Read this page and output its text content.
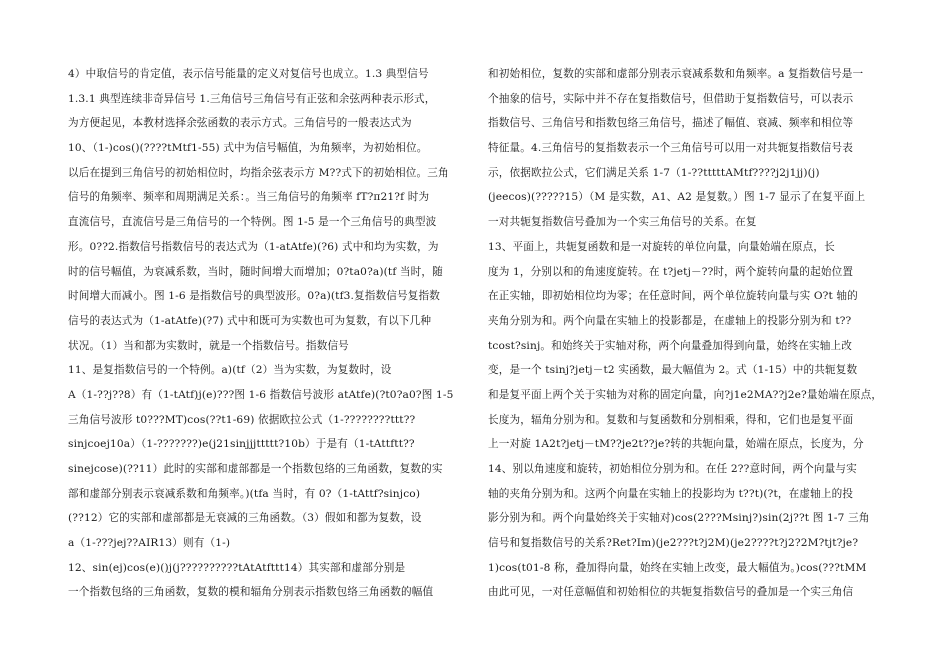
4）中取信号的肯定值，表示信号能量的定义对复信号也成立。1.3 典型信号
1.3.1 典型连续非奇异信号 1.三角信号三角信号有正弦和余弦两种表示形式，
为方便起见，本教材选择余弦函数的表示方式。三角信号的一般表达式为
10、（1-)cos()(????tMtf1-55) 式中为信号幅值，为角频率，为初始相位。
以后在提到三角信号的初始相位时，均指余弦表示方 M??式下的初始相位。三角
信号的角频率、频率和周期满足关系：。当三角信号的角频率 fT?π21?f 时为
直流信号，直流信号是三角信号的一个特例。图 1-5 是一个三角信号的典型波
形。0??2.指数信号指数信号的表达式为（1-atAtfe)(?6) 式中和均为实数，为
时的信号幅值，为衰减系数，当时，随时间增大而增加；0?ta0?a)(tf 当时，随
时间增大而减小。图 1-6 是指数信号的典型波形。0?a)(tf3.复指数信号复指数
信号的表达式为（1-atAtfe)(?7) 式中和既可为实数也可为复数，有以下几种
状况。（1）当和都为实数时，就是一个指数信号。指数信号
11、是复指数信号的一个特例。a)(tf（2）当为实数，为复数时，设
A（1-??j??8）有（1-tAtf)j(e)???图 1-6 指数信号波形 atAtfe)(?t0?a0?图 1-5
三角信号波形 t0???MT)cos(??t1-69) 依据欧拉公式（1-????????ttt??
sinjcoej10a）（1-???????)e(j21sinjjjttttt?10b）于是有（1-tAttftt??
sinejcose)(??11）此时的实部和虚部都是一个指数包络的三角函数，复数的实
部和虚部分别表示衰减系数和角频率。)(tfa 当时，有 0?（1-tAttf?sinjco)
(??12）它的实部和虚部都是无衰减的三角函数。（3）假如和都为复数，设
a（1-???jej??AIR13）则有（1-)
12、sin(ej)cos(e)()j(j??????????tAtAtfttt14）其实部和虚部分别是
一个指数包络的三角函数，复数的模和辐角分别表示指数包络三角函数的幅值
和初始相位，复数的实部和虚部分别表示衰减系数和角频率。a 复指数信号是一
个抽象的信号，实际中并不存在复指数信号，但借助于复指数信号，可以表示
指数信号、三角信号和指数包络三角信号，描述了幅值、衰减、频率和相位等
特征量。4.三角信号的复指数表示一个三角信号可以用一对共轭复指数信号表
示，依据欧拉公式，它们满足关系 1-7（1-??tttttAMtf????j2j1jj)(j)
(jeecos)(?????15）（M 是实数，A1、A2 是复数。）图 1-7 显示了在复平面上
一对共轭复指数信号叠加为一个实三角信号的关系。在复
13、平面上，共轭复函数和是一对旋转的单位向量，向量始端在原点，长
度为 1，分别以和的角速度旋转。在 t?jetj－??时，两个旋转向量的起始位置
在正实轴，即初始相位均为零；在任意时间，两个单位旋转向量与实 O?t 轴的
夹角分别为和。两个向量在实轴上的投影都是，在虚轴上的投影分别为和 t??
tcost?sinj。和始终关于实轴对称，两个向量叠加得到向量，始终在实轴上改
变，是一个 tsinj?jetj－t2 实函数，最大幅值为 2。式（1-15）中的共轭复数
和是复平面上两个关于实轴为对称的固定向量，向?j1e2MA??j2e?量始端在原点，
长度为，辐角分别为和。复数和与复函数和分别相乘，得和，它们也是复平面
上一对旋 1A2t?jetj－tM??je2t??je?转的共轭向量，始端在原点，长度为，分
14、别以角速度和旋转，初始相位分别为和。在任 2??意时间，两个向量与实
轴的夹角分别为和。这两个向量在实轴上的投影均为 t??t)(?t，在虚轴上的投
影分别为和。两个向量始终关于实轴对)cos(2???Msinj?)sin(2j??t 图 1-7 三角
信号和复指数信号的关系?Ret?Im)(je2???t?j2M)(je2????t?j2?2M?tjt?je?
1)cos(t01-8 称，叠加得向量，始终在实轴上改变，最大幅值为。)cos(???tMM
由此可见，一对任意幅值和初始相位的共轭复指数信号的叠加是一个实三角信
